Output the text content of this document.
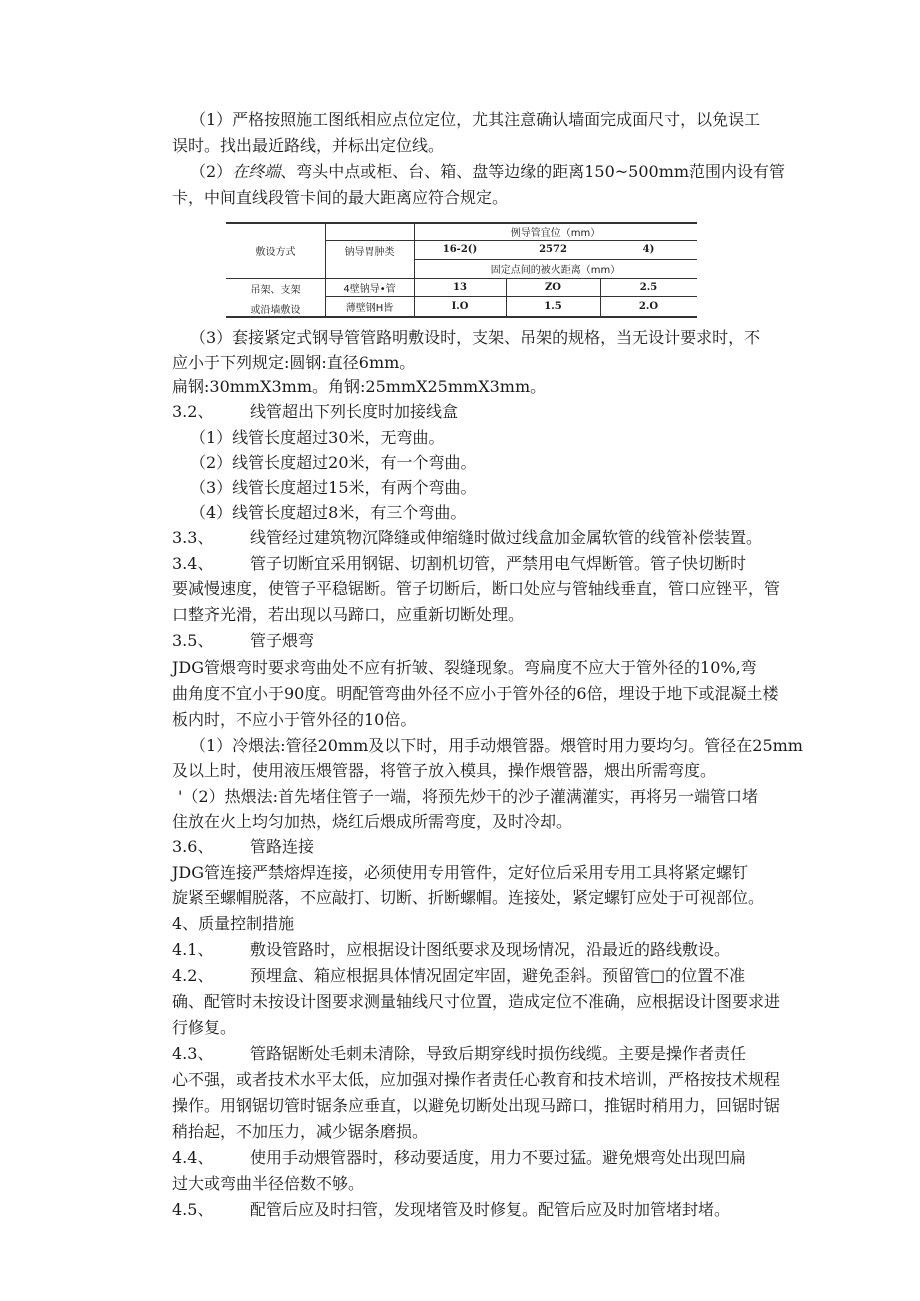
（1）严格按照施工图纸相应点位定位，尤其注意确认墙面完成面尺寸，以免误工
误时。找出最近路线，并标出定位线。
（2）在终端、弯头中点或柜、台、箱、盘等边缘的距离150~500mm范围内设有管
卡，中间直线段管卡间的最大距离应符合规定。
敷设方式	钠导胃肿类
例导管宜位（mm）
16-2()	2572	4)
固定点间的被火距离（mm）
吊架、支架
或沿墙敷设
4壁钠导•管	13	ZO	2.5
薄壁钢H皆	I.O	1.5	2.O
（3）套接紧定式钢导管管路明敷设时，支架、吊架的规格，当无设计要求时，不
应小于下列规定:圆钢:直径6mm。
扁钢:30mmX3mm。角钢:25mmX25mmX3mm。
3.2、 线管超出下列长度时加接线盒
（1）线管长度超过30米，无弯曲。
（2）线管长度超过20米，有一个弯曲。
（3）线管长度超过15米，有两个弯曲。
（4）线管长度超过8米，有三个弯曲。
3.3、 线管经过建筑物沉降缝或伸缩缝时做过线盒加金属软管的线管补偿装置。
3.4、 管子切断宜采用钢锯、切割机切管，严禁用电气焊断管。管子快切断时
要减慢速度，使管子平稳锯断。管子切断后，断口处应与管轴线垂直，管口应锉平，管
口整齐光滑，若出现以马蹄口，应重新切断处理。
3.5、 管子煨弯
JDG管煨弯时要求弯曲处不应有折皱、裂缝现象。弯扁度不应大于管外径的10%,弯
曲角度不宜小于90度。明配管弯曲外径不应小于管外径的6倍，埋设于地下或混凝土楼
板内时，不应小于管外径的10倍。
（1）冷煨法:管径20mm及以下时，用手动煨管器。煨管时用力要均匀。管径在25mm
及以上时，使用液压煨管器，将管子放入模具，操作煨管器，煨出所需弯度。
'（2）热煨法:首先堵住管子一端，将预先炒干的沙子灌满灌实，再将另一端管口堵
住放在火上均匀加热，烧红后煨成所需弯度，及时冷却。
3.6、 管路连接
JDG管连接严禁熔焊连接，必须使用专用管件，定好位后采用专用工具将紧定螺钉
旋紧至螺帽脱落，不应敲打、切断、折断螺帽。连接处，紧定螺钉应处于可视部位。
4、质量控制措施
4.1、 敷设管路时，应根据设计图纸要求及现场情况，沿最近的路线敷设。
4.2、 预埋盒、箱应根据具体情况固定牢固，避免歪斜。预留管□的位置不准
确、配管时未按设计图要求测量轴线尺寸位置，造成定位不准确，应根据设计图要求进
行修复。
4.3、 管路锯断处毛刺未清除，导致后期穿线时损伤线缆。主要是操作者责任
心不强，或者技术水平太低，应加强对操作者责任心教育和技术培训，严格按技术规程
操作。用钢锯切管时锯条应垂直，以避免切断处出现马蹄口，推锯时稍用力，回锯时锯
稍抬起，不加压力，减少锯条磨损。
4.4、 使用手动煨管器时，移动要适度，用力不要过猛。避免煨弯处出现凹扁
过大或弯曲半径倍数不够。
4.5、 配管后应及时扫管，发现堵管及时修复。配管后应及时加管堵封堵。
